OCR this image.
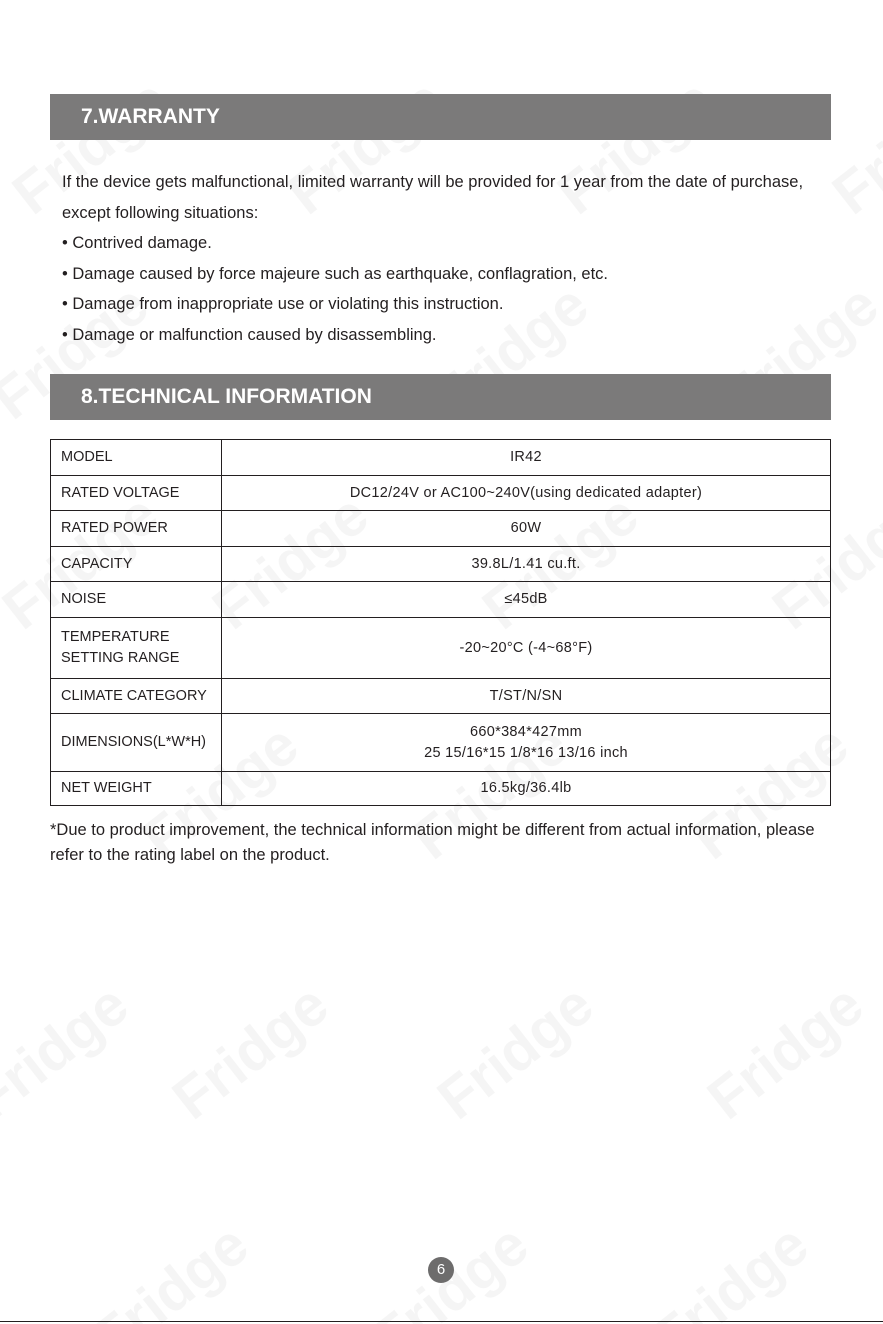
7.WARRANTY

If the device gets malfunctional, limited warranty will be provided for 1 year from the date of purchase, except following situations:

• Contrived damage.
• Damage caused by force majeure such as earthquake, conflagration, etc.
• Damage from inappropriate use or violating this instruction.
• Damage or malfunction caused by disassembling.
8.TECHNICAL INFORMATION
MODEL	IR42

RATED VOLTAGE	DC12/24V or AC100~240V(using dedicated adapter)

RATED POWER	60W

CAPACITY	39.8L/1.41 cu.ft.

NOISE	≤45dB

TEMPERATURE
SETTING RANGE	-20~20°C (-4~68°F)

CLIMATE CATEGORY	T/ST/N/SN

DIMENSIONS(L*W*H)	660*384*427mm
25 15/16*15 1/8*16 13/16 inch

NET WEIGHT	16.5kg/36.4lb

*Due to product improvement, the technical information might be different from actual information, please refer to the rating label on the product.

6
